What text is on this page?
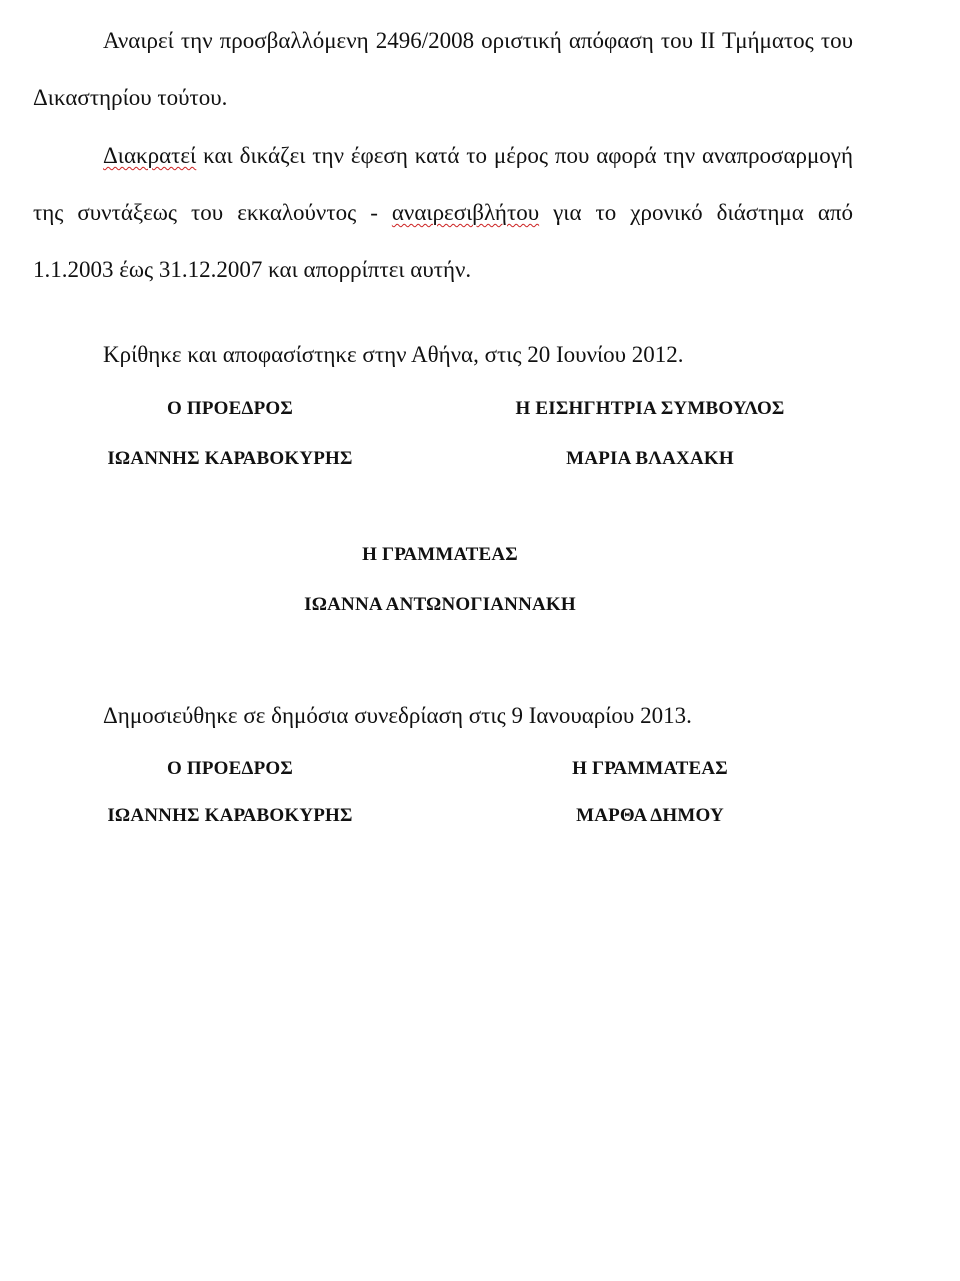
Αναιρεί την προσβαλλόμενη 2496/2008 οριστική απόφαση του ΙΙ Τμήματος του Δικαστηρίου τούτου.

Διακρατεί και δικάζει την έφεση κατά το μέρος που αφορά την αναπροσαρμογή της συντάξεως του εκκαλούντος - αναιρεσιβλήτου για το χρονικό διάστημα από 1.1.2003 έως 31.12.2007 και απορρίπτει αυτήν.

Κρίθηκε και αποφασίστηκε στην Αθήνα, στις 20 Ιουνίου 2012.
Ο ΠΡΟΕΔΡΟΣ	Η ΕΙΣΗΓΗΤΡΙΑ ΣΥΜΒΟΥΛΟΣ
ΙΩΑΝΝΗΣ ΚΑΡΑΒΟΚΥΡΗΣ	ΜΑΡΙΑ ΒΛΑΧΑΚΗ
Η ΓΡΑΜΜΑΤΕΑΣ
ΙΩΑΝΝΑ ΑΝΤΩΝΟΓΙΑΝΝΑΚΗ
Δημοσιεύθηκε σε δημόσια συνεδρίαση στις 9 Ιανουαρίου 2013.
Ο ΠΡΟΕΔΡΟΣ	Η ΓΡΑΜΜΑΤΕΑΣ
ΙΩΑΝΝΗΣ ΚΑΡΑΒΟΚΥΡΗΣ	ΜΑΡΘΑ ΔΗΜΟΥ
